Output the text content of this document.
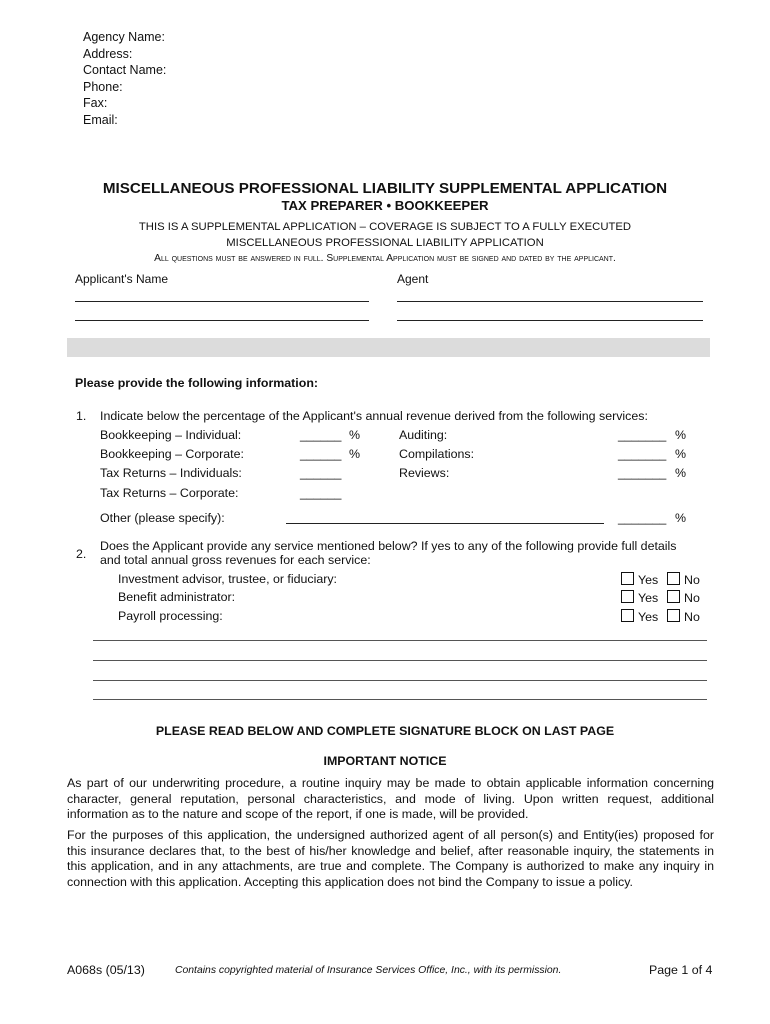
Agency Name:
Address:
Contact Name:
Phone:
Fax:
Email:
MISCELLANEOUS PROFESSIONAL LIABILITY SUPPLEMENTAL APPLICATION
TAX PREPARER • BOOKKEEPER
THIS IS A SUPPLEMENTAL APPLICATION – COVERAGE IS SUBJECT TO A FULLY EXECUTED
MISCELLANEOUS PROFESSIONAL LIABILITY APPLICATION
All questions must be answered in full. Supplemental Application must be signed and dated by the applicant.
Applicant's Name	Agent
Please provide the following information:
1. Indicate below the percentage of the Applicant's annual revenue derived from the following services:
Bookkeeping – Individual:	______ %
Bookkeeping – Corporate:	______ %
Tax Returns – Individuals:	______
Tax Returns – Corporate:	______
Auditing:	_______ %
Compilations:	_______ %
Reviews:	_______ %
Other (please specify):	_______ %
2.
Does the Applicant provide any service mentioned below? If yes to any of the following provide full details
and total annual gross revenues for each service:
Investment advisor, trustee, or fiduciary:	Yes	No
Benefit administrator:	Yes	No
Payroll processing:	Yes	No
PLEASE READ BELOW AND COMPLETE SIGNATURE BLOCK ON LAST PAGE
IMPORTANT NOTICE
As part of our underwriting procedure, a routine inquiry may be made to obtain applicable information concerning character, general reputation, personal characteristics, and mode of living. Upon written request, additional information as to the nature and scope of the report, if one is made, will be provided.
For the purposes of this application, the undersigned authorized agent of all person(s) and Entity(ies) proposed for this insurance declares that, to the best of his/her knowledge and belief, after reasonable inquiry, the statements in this application, and in any attachments, are true and complete. The Company is authorized to make any inquiry in connection with this application. Accepting this application does not bind the Company to issue a policy.
A068s (05/13)	Contains copyrighted material of Insurance Services Office, Inc., with its permission.	Page 1 of 4
